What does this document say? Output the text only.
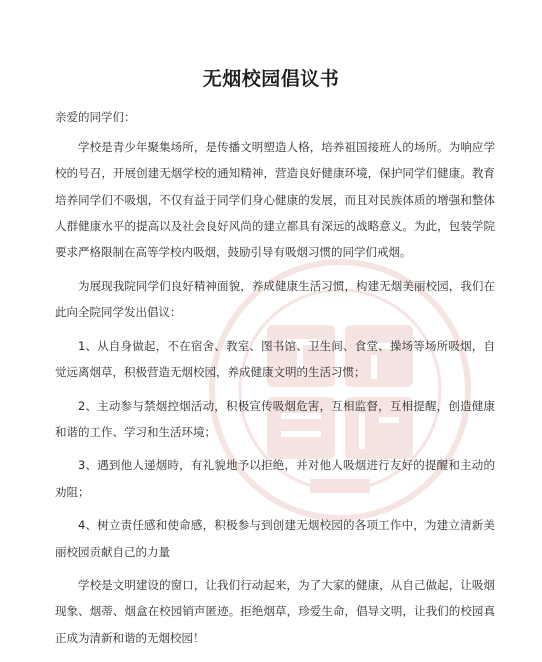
无烟校园倡议书

亲爱的同学们：

学校是青少年聚集场所，是传播文明塑造人格，培养祖国接班人的场所。为响应学校的号召，开展创建无烟学校的通知精神，营造良好健康环境，保护同学们健康。教育培养同学们不吸烟，不仅有益于同学们身心健康的发展，而且对民族体质的增强和整体人群健康水平的提高以及社会良好风尚的建立都具有深远的战略意义。为此，包装学院要求严格限制在高等学校内吸烟，鼓励引导有吸烟习惯的同学们戒烟。

为展现我院同学们良好精神面貌，养成健康生活习惯，构建无烟美丽校园，我们在此向全院同学发出倡议：

1、从自身做起，不在宿舍、教室、图书馆、卫生间、食堂、操场等场所吸烟，自觉远离烟草，积极营造无烟校园，养成健康文明的生活习惯；

2、主动参与禁烟控烟活动，积极宣传吸烟危害，互相监督，互相提醒，创造健康和谐的工作、学习和生活环境；

3、遇到他人递烟時，有礼貌地予以拒绝，并对他人吸烟进行友好的提醒和主动的劝阻；

4、树立责任感和使命感，积极参与到创建无烟校园的各项工作中，为建立清新美丽校园贡献自己的力量

学校是文明建设的窗口，让我们行动起来，为了大家的健康，从自己做起，让吸烟现象、烟蒂、烟盒在校园销声匿迹。拒绝烟草，珍爱生命，倡导文明，让我们的校园真正成为清新和谐的无烟校园！
